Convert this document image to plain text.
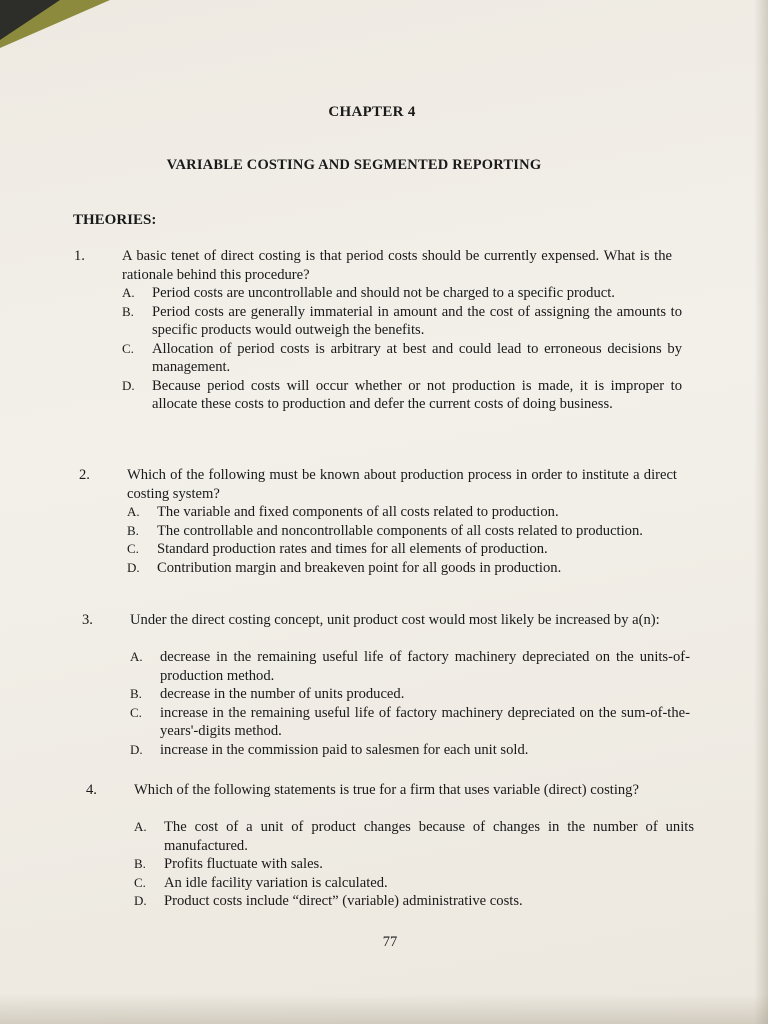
CHAPTER 4
VARIABLE COSTING AND SEGMENTED REPORTING
THEORIES:
1.	A basic tenet of direct costing is that period costs should be currently expensed. What is the rationale behind this procedure?
A. Period costs are uncontrollable and should not be charged to a specific product.
B. Period costs are generally immaterial in amount and the cost of assigning the amounts to specific products would outweigh the benefits.
C. Allocation of period costs is arbitrary at best and could lead to erroneous decisions by management.
D. Because period costs will occur whether or not production is made, it is improper to allocate these costs to production and defer the current costs of doing business.
2.	Which of the following must be known about production process in order to institute a direct costing system?
A. The variable and fixed components of all costs related to production.
B. The controllable and noncontrollable components of all costs related to production.
C. Standard production rates and times for all elements of production.
D. Contribution margin and breakeven point for all goods in production.
3.	Under the direct costing concept, unit product cost would most likely be increased by a(n):
A. decrease in the remaining useful life of factory machinery depreciated on the units-of-production method.
B. decrease in the number of units produced.
C. increase in the remaining useful life of factory machinery depreciated on the sum-of-the-years'-digits method.
D. increase in the commission paid to salesmen for each unit sold.
4.	Which of the following statements is true for a firm that uses variable (direct) costing?
A. The cost of a unit of product changes because of changes in the number of units manufactured.
B. Profits fluctuate with sales.
C. An idle facility variation is calculated.
D. Product costs include “direct” (variable) administrative costs.
77
